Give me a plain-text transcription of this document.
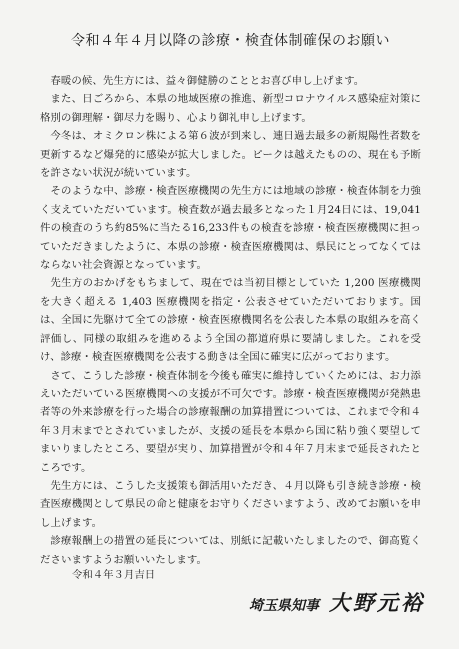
令和４年４月以降の診療・検査体制確保のお願い

春暖の候、先生方には、益々御健勝のこととお喜び申し上げます。

また、日ごろから、本県の地域医療の推進、新型コロナウイルス感染症対策に格別の御理解・御尽力を賜り、心より御礼申し上げます。

今冬は、オミクロン株による第６波が到来し、連日過去最多の新規陽性者数を更新するなど爆発的に感染が拡大しました。ピークは越えたものの、現在も予断を許さない状況が続いています。

そのような中、診療・検査医療機関の先生方には地域の診療・検査体制を力強く支えていただいています。検査数が過去最多となった１月24日には、19,041件の検査のうち約85%に当たる16,233件もの検査を診療・検査医療機関に担っていただきましたように、本県の診療・検査医療機関は、県民にとってなくてはならない社会資源となっています。

先生方のおかげをもちまして、現在では当初目標としていた 1,200 医療機関を大きく超える 1,403 医療機関を指定・公表させていただいております。国は、全国に先駆けて全ての診療・検査医療機関名を公表した本県の取組みを高く評価し、同様の取組みを進めるよう全国の都道府県に要請しました。これを受け、診療・検査医療機関を公表する動きは全国に確実に広がっております。

さて、こうした診療・検査体制を今後も確実に維持していくためには、お力添えいただいている医療機関への支援が不可欠です。診療・検査医療機関が発熱患者等の外来診療を行った場合の診療報酬の加算措置については、これまで令和４年３月末までとされていましたが、支援の延長を本県から国に粘り強く要望してまいりましたところ、要望が実り、加算措置が令和４年７月末まで延長されたところです。

先生方には、こうした支援策も御活用いただき、４月以降も引き続き診療・検査医療機関として県民の命と健康をお守りくださいますよう、改めてお願いを申し上げます。

診療報酬上の措置の延長については、別紙に記載いたしましたので、御高覧くださいますようお願いいたします。

令和４年３月吉日

埼玉県知事 大野元裕
